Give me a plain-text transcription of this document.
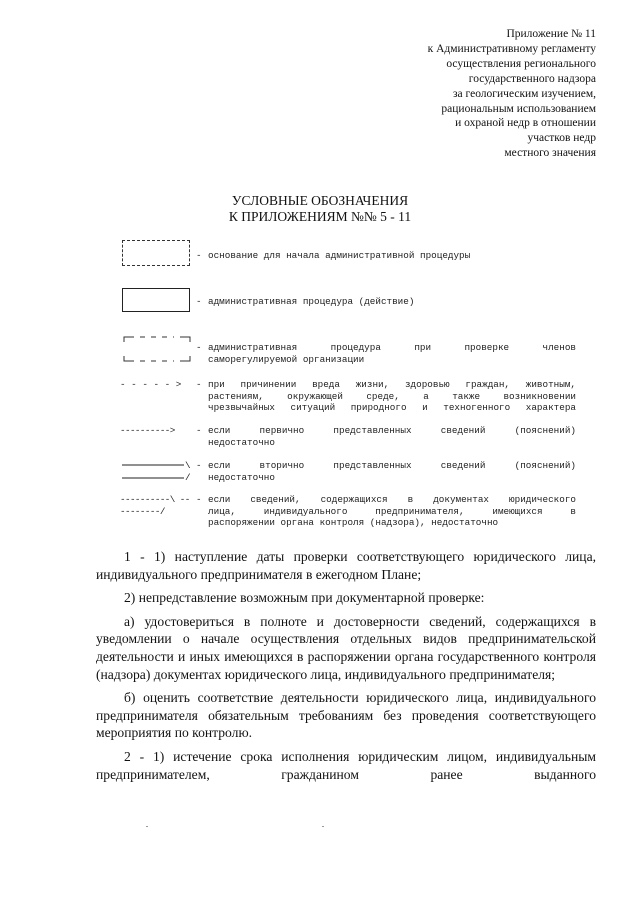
Приложение № 11
к Административному регламенту
осуществления регионального
государственного надзора
за геологическим изучением,
рациональным использованием
и охраной недр в отношении
участков недр
местного значения
УСЛОВНЫЕ ОБОЗНАЧЕНИЯ
К ПРИЛОЖЕНИЯМ №№ 5 - 11
- основание для начала административной процедуры
- административная процедура (действие)
- административная процедура при проверке членов
саморегулируемой организации
- - - - - > - при причинении вреда жизни, здоровью граждан, животным,
растениям, окружающей среде, а также возникновении
чрезвычайных ситуаций природного и техногенного характера
----------> - если первично представленных сведений (пояснений)
недостаточно
\ /
- если вторично представленных сведений (пояснений)
недостаточно
----------\ ----------/
- если сведений, содержащихся в документах юридического
лица, индивидуального предпринимателя, имеющихся в
распоряжении органа контроля (надзора), недостаточно

1 - 1) наступление даты проверки соответствующего юридического лица, индивидуального предпринимателя в ежегодном Плане;

2) непредставление возможным при документарной проверке:

а) удостовериться в полноте и достоверности сведений, содержащихся в уведомлении о начале осуществления отдельных видов предпринимательской деятельности и иных имеющихся в распоряжении органа государственного контроля (надзора) документах юридического лица, индивидуального предпринимателя;

б) оценить соответствие деятельности юридического лица, индивидуального предпринимателя обязательным требованиям без проведения соответствующего мероприятия по контролю.

2 - 1) истечение срока исполнения юридическим лицом, индивидуальным предпринимателем, гражданином ранее выданного
